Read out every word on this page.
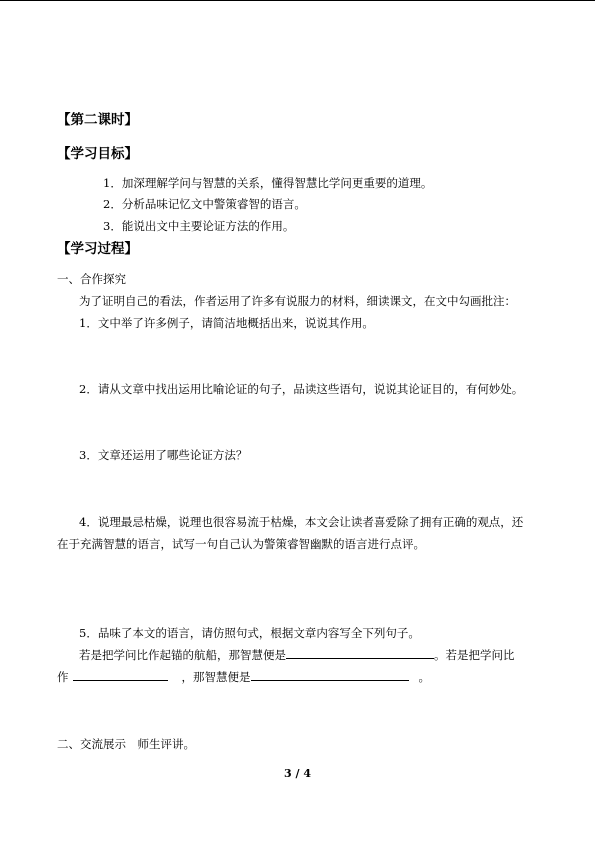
【第二课时】
【学习目标】
1．加深理解学问与智慧的关系，懂得智慧比学问更重要的道理。
2．分析品味记忆文中警策睿智的语言。
3．能说出文中主要论证方法的作用。
【学习过程】
一、合作探究
为了证明自己的看法，作者运用了许多有说服力的材料，细读课文，在文中勾画批注：
1．文中举了许多例子，请简洁地概括出来，说说其作用。
2．请从文章中找出运用比喻论证的句子，品读这些语句，说说其论证目的，有何妙处。
3．文章还运用了哪些论证方法？
4．说理最忌枯燥，说理也很容易流于枯燥，本文会让读者喜爱除了拥有正确的观点，还
在于充满智慧的语言，试写一句自己认为警策睿智幽默的语言进行点评。
5．品味了本文的语言，请仿照句式，根据文章内容写全下列句子。
若是把学问比作起锚的航船，那智慧便是	。若是把学问比
作	，那智慧便是	。
二、交流展示　师生评讲。
3 / 4
